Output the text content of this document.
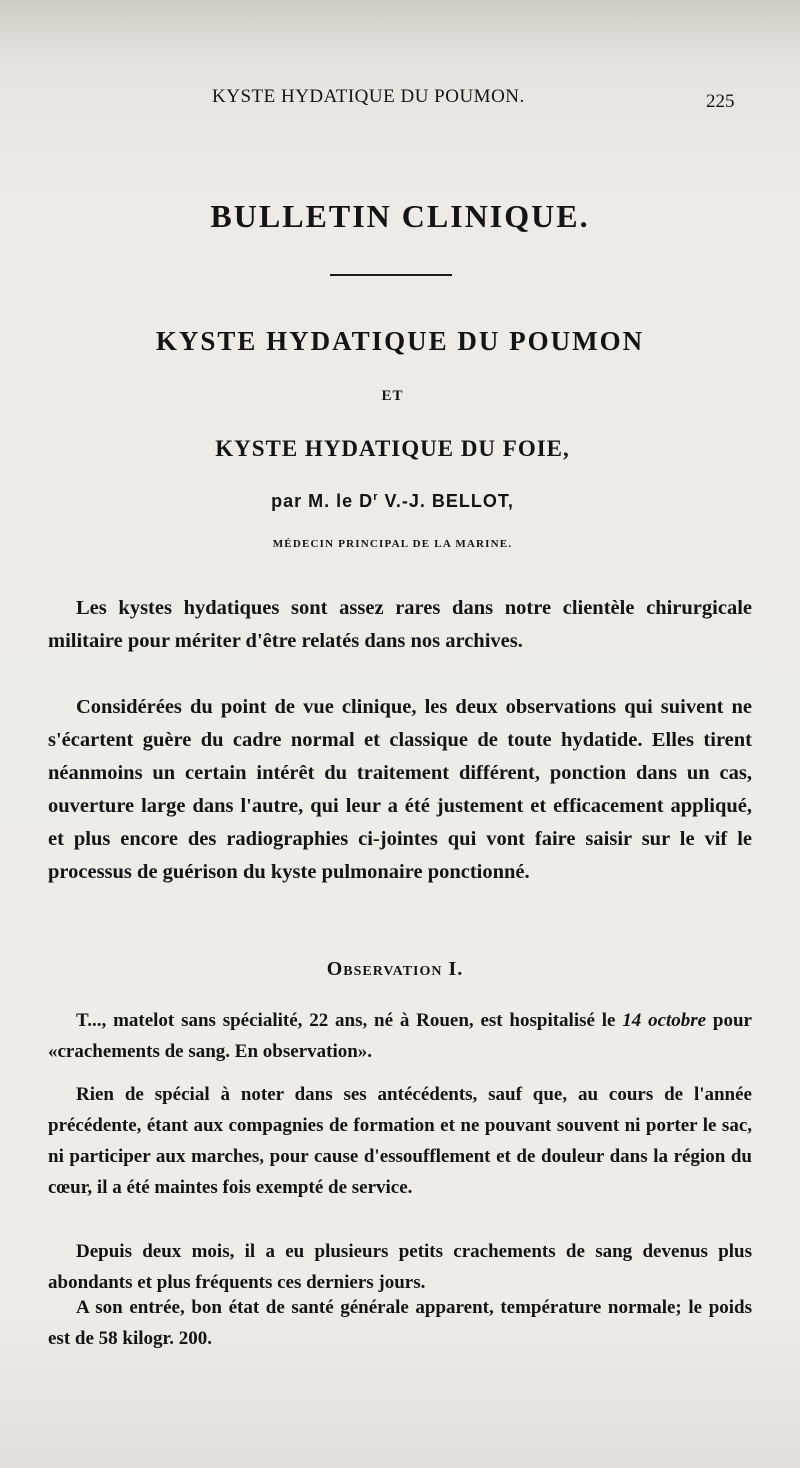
KYSTE HYDATIQUE DU POUMON.	225
BULLETIN CLINIQUE.
KYSTE HYDATIQUE DU POUMON
ET
KYSTE HYDATIQUE DU FOIE,
par M. le $D^r$ V.-J. BELLOT,
MÉDECIN PRINCIPAL DE LA MARINE.

Les kystes hydatiques sont assez rares dans notre clientèle chirurgicale militaire pour mériter d'être relatés dans nos archives.

Considérées du point de vue clinique, les deux observations qui suivent ne s'écartent guère du cadre normal et classique de toute hydatide. Elles tirent néanmoins un certain intérêt du traitement différent, ponction dans un cas, ouverture large dans l'autre, qui leur a été justement et efficacement appliqué, et plus encore des radiographies ci-jointes qui vont faire saisir sur le vif le processus de guérison du kyste pulmonaire ponctionné.

Observation I.

T..., matelot sans spécialité, 22 ans, né à Rouen, est hospitalisé le 14 octobre pour «crachements de sang. En observation».

Rien de spécial à noter dans ses antécédents, sauf que, au cours de l'année précédente, étant aux compagnies de formation et ne pouvant souvent ni porter le sac, ni participer aux marches, pour cause d'essoufflement et de douleur dans la région du cœur, il a été maintes fois exempté de service.

Depuis deux mois, il a eu plusieurs petits crachements de sang devenus plus abondants et plus fréquents ces derniers jours.

A son entrée, bon état de santé générale apparent, température normale; le poids est de 58 kilogr. 200.
